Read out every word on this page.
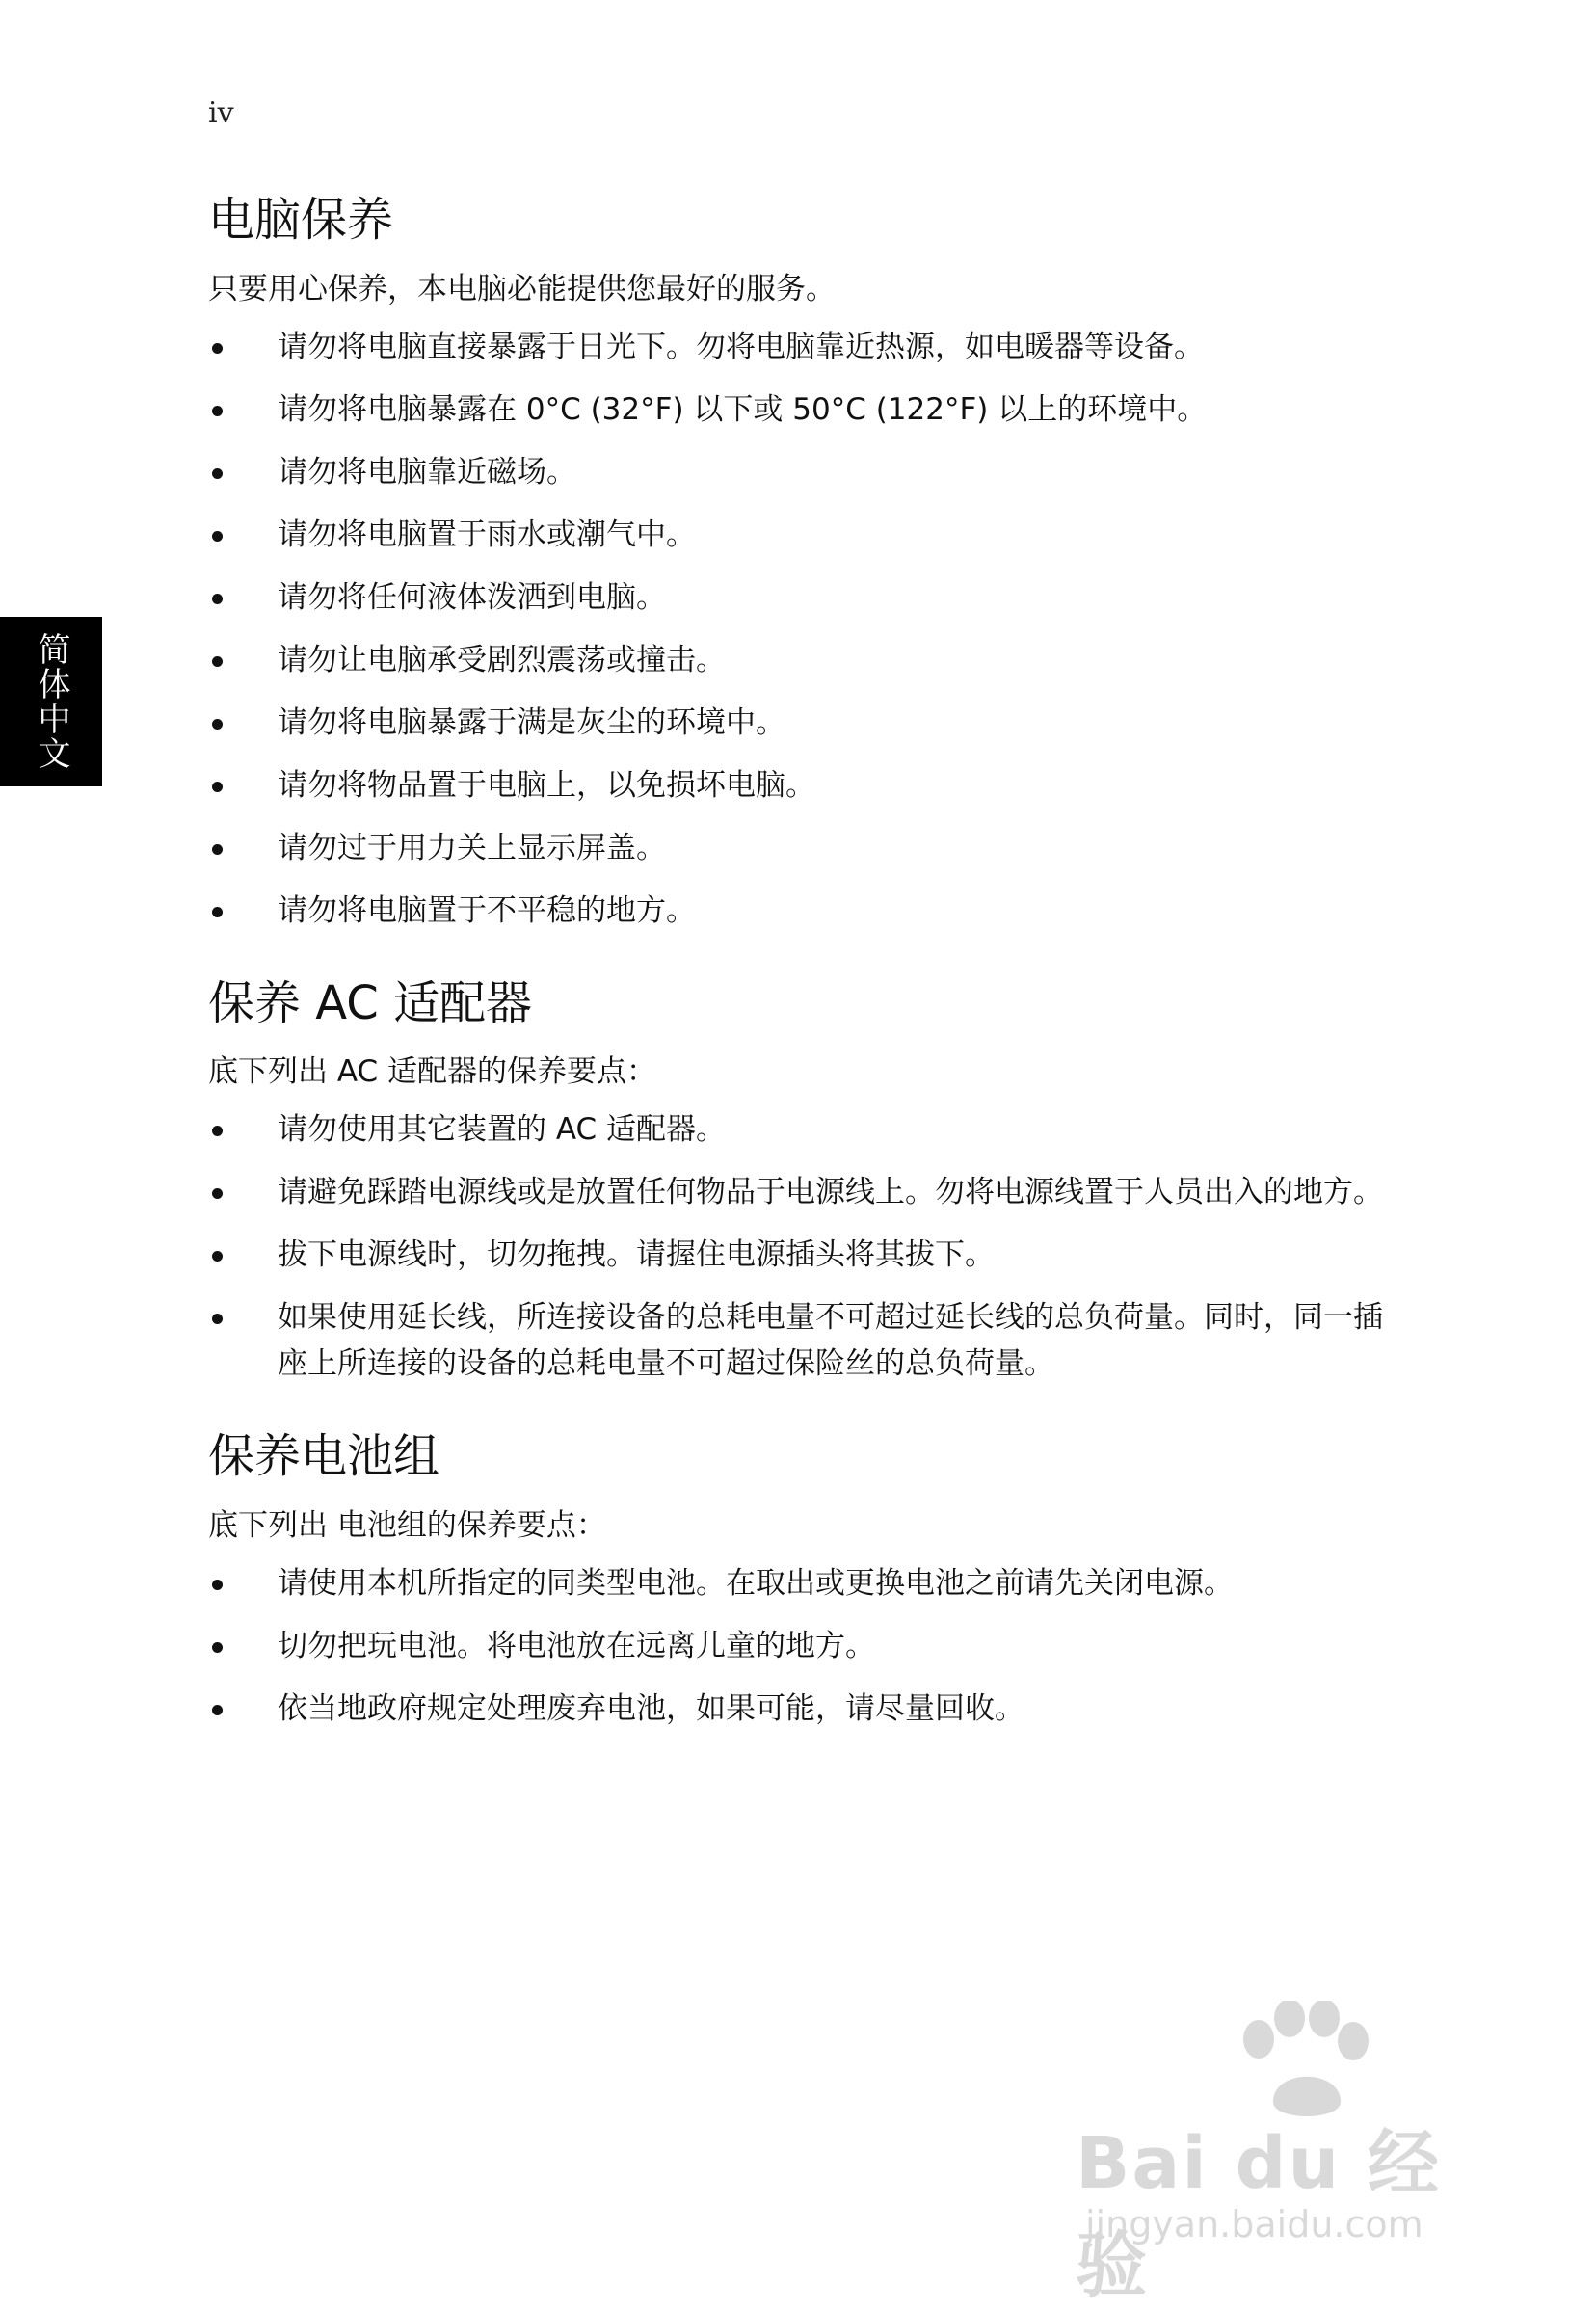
iv
简体中文
电脑保养

只要用心保养，本电脑必能提供您最好的服务。

请勿将电脑直接暴露于日光下。勿将电脑靠近热源，如电暖器等设备。
请勿将电脑暴露在 0°C (32°F) 以下或 50°C (122°F) 以上的环境中。
请勿将电脑靠近磁场。
请勿将电脑置于雨水或潮气中。
请勿将任何液体泼洒到电脑。
请勿让电脑承受剧烈震荡或撞击。
请勿将电脑暴露于满是灰尘的环境中。
请勿将物品置于电脑上，以免损坏电脑。
请勿过于用力关上显示屏盖。
请勿将电脑置于不平稳的地方。
保养 AC 适配器

底下列出 AC 适配器的保养要点：

请勿使用其它装置的 AC 适配器。
请避免踩踏电源线或是放置任何物品于电源线上。勿将电源线置于人员出入的地方。
拔下电源线时，切勿拖拽。请握住电源插头将其拔下。
如果使用延长线，所连接设备的总耗电量不可超过延长线的总负荷量。同时，同一插座上所连接的设备的总耗电量不可超过保险丝的总负荷量。
保养电池组

底下列出 电池组的保养要点：

请使用本机所指定的同类型电池。在取出或更换电池之前请先关闭电源。
切勿把玩电池。将电池放在远离儿童的地方。
依当地政府规定处理废弃电池，如果可能，请尽量回收。
Bai du 经验
jingyan.baidu.com
